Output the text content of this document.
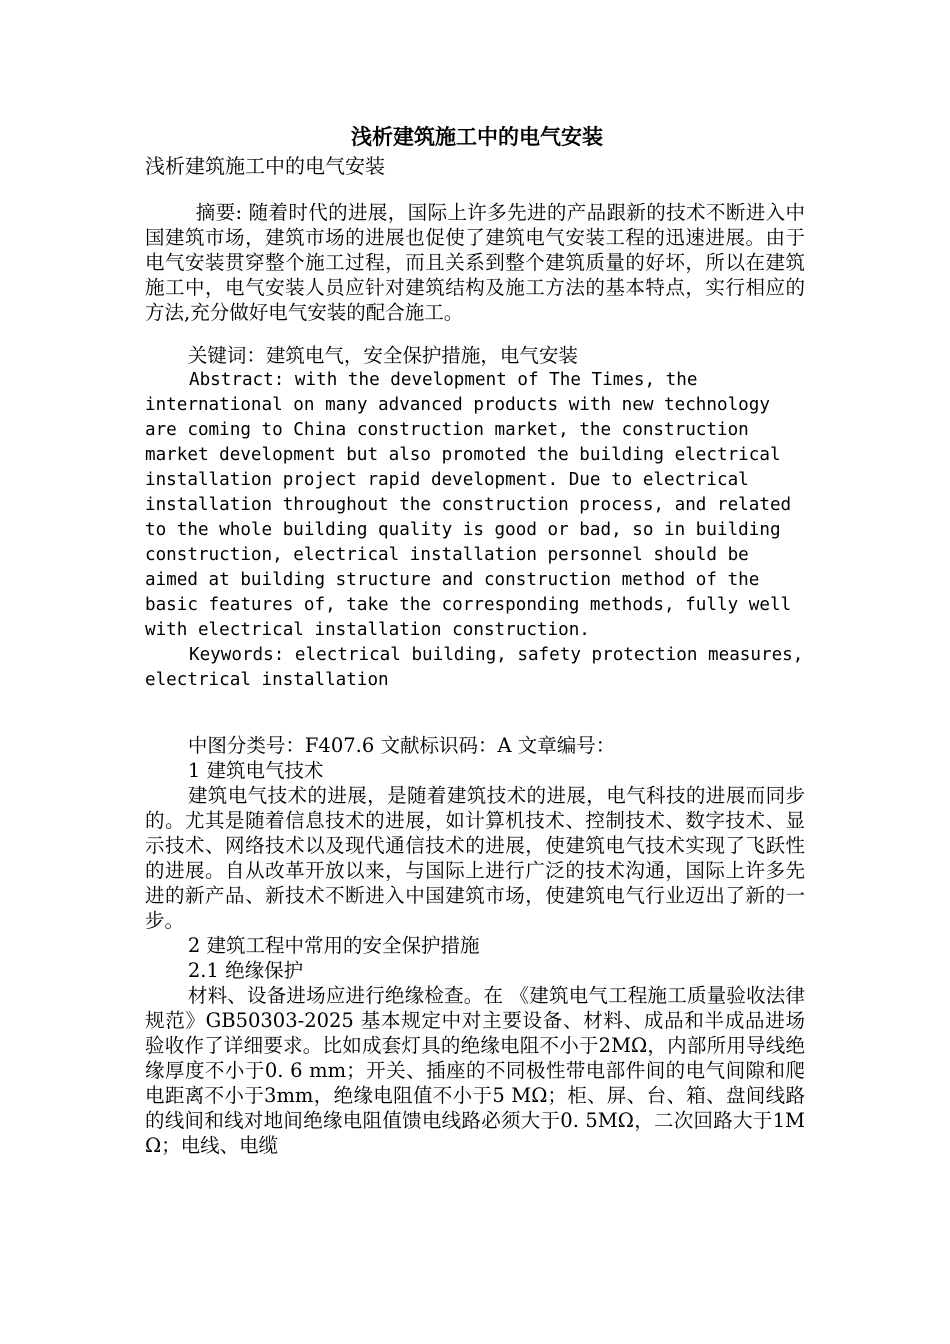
浅析建筑施工中的电气安装
浅析建筑施工中的电气安装

摘要: 随着时代的进展，国际上许多先进的产品跟新的技术不断进入中国建筑市场，建筑市场的进展也促使了建筑电气安装工程的迅速进展。由于电气安装贯穿整个施工过程，而且关系到整个建筑质量的好坏，所以在建筑施工中，电气安装人员应针对建筑结构及施工方法的基本特点，实行相应的方法,充分做好电气安装的配合施工。

关键词：建筑电气，安全保护措施，电气安装

Abstract: with the development of The Times, the international on many advanced products with new technology are coming to China construction market, the construction market development but also promoted the building electrical installation project rapid development. Due to electrical installation throughout the construction process, and related to the whole building quality is good or bad, so in building construction, electrical installation personnel should be aimed at building structure and construction method of the basic features of, take the corresponding methods, fully well with electrical installation construction.

Keywords: electrical building, safety protection measures, electrical installation

中图分类号：F407.6 文献标识码：A 文章编号：

1 建筑电气技术

建筑电气技术的进展，是随着建筑技术的进展，电气科技的进展而同步的。尤其是随着信息技术的进展，如计算机技术、控制技术、数字技术、显示技术、网络技术以及现代通信技术的进展，使建筑电气技术实现了飞跃性的进展。自从改革开放以来，与国际上进行广泛的技术沟通，国际上许多先进的新产品、新技术不断进入中国建筑市场，使建筑电气行业迈出了新的一步。

2 建筑工程中常用的安全保护措施

2.1 绝缘保护

材料、设备进场应进行绝缘检查。在 《建筑电气工程施工质量验收法律规范》GB50303-2025 基本规定中对主要设备、材料、成品和半成品进场验收作了详细要求。比如成套灯具的绝缘电阻不小于2MΩ，内部所用导线绝缘厚度不小于0. 6 mm；开关、插座的不同极性带电部件间的电气间隙和爬电距离不小于3mm，绝缘电阻值不小于5 MΩ；柜、屏、台、箱、盘间线路的线间和线对地间绝缘电阻值馈电线路必须大于0. 5MΩ，二次回路大于1MΩ；电线、电缆
